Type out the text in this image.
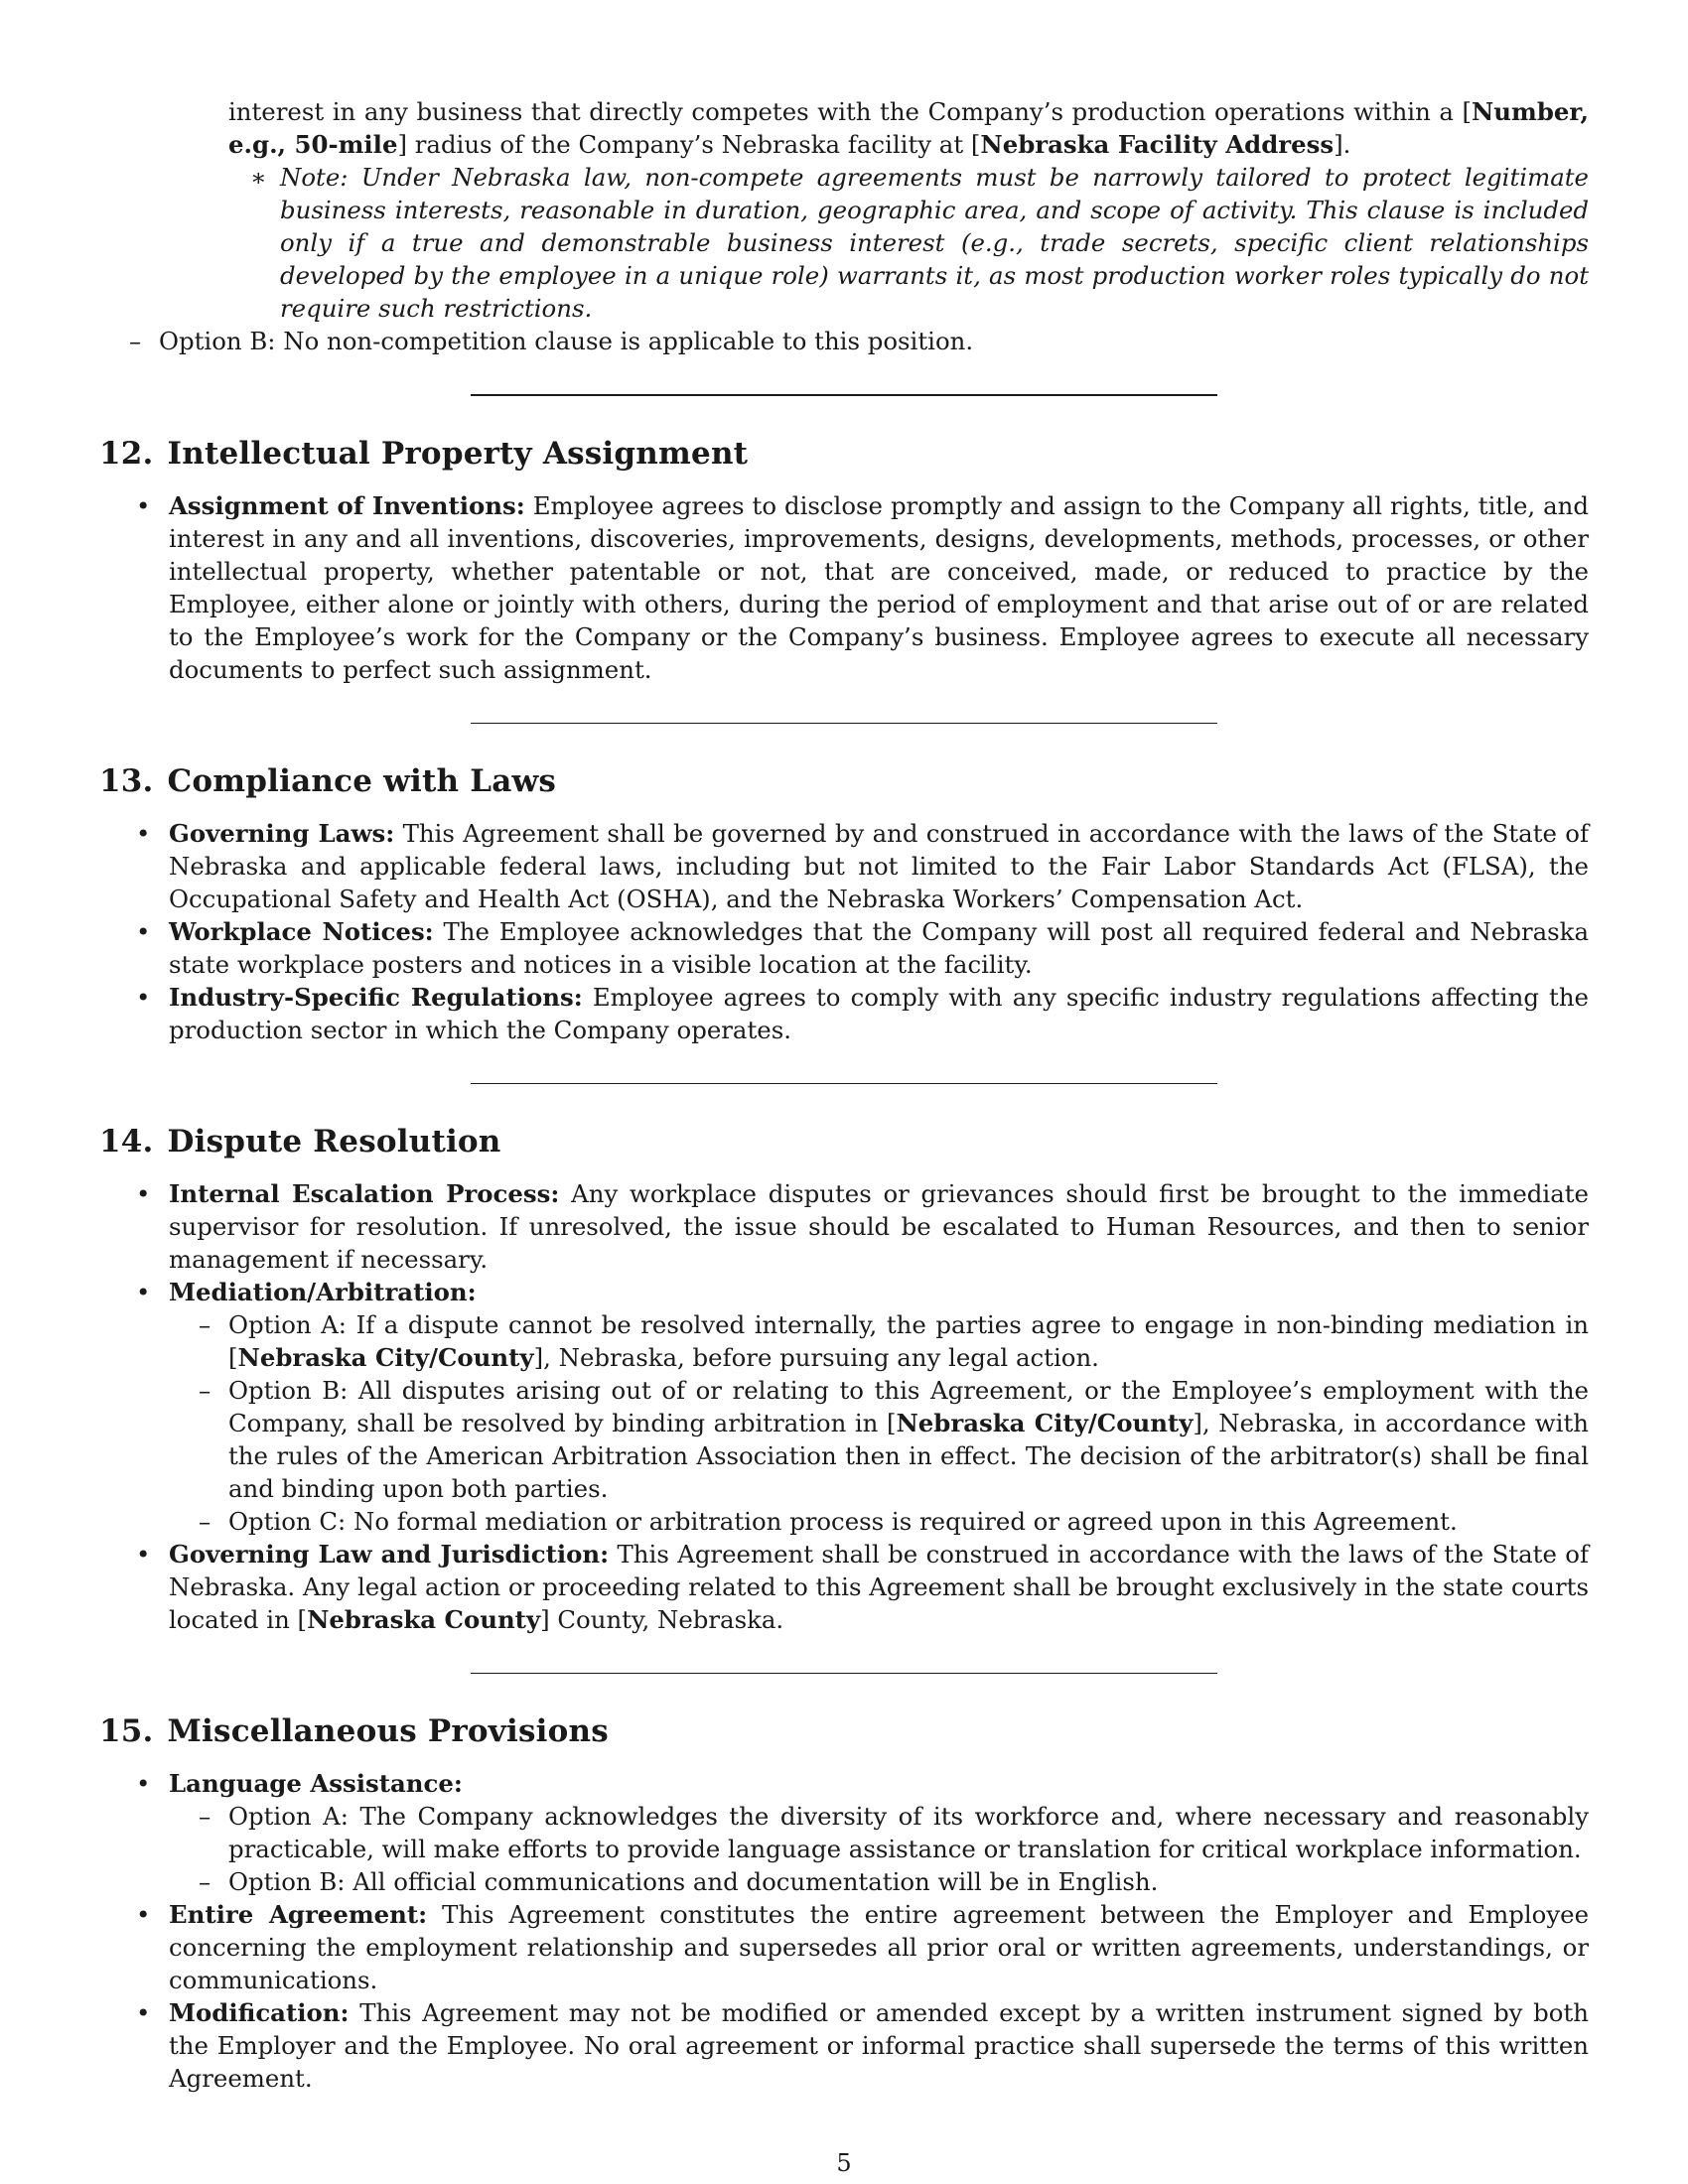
interest in any business that directly competes with the Company’s production operations within a [Number, e.g., 50-mile] radius of the Company’s Nebraska facility at [Nebraska Facility Address].

∗ Note: Under Nebraska law, non-compete agreements must be narrowly tailored to protect legitimate business interests, reasonable in duration, geographic area, and scope of activity. This clause is included only if a true and demonstrable business interest (e.g., trade secrets, specific client relationships developed by the employee in a unique role) warrants it, as most production worker roles typically do not require such restrictions.

– Option B: No non-competition clause is applicable to this position.
12. Intellectual Property Assignment
• Assignment of Inventions: Employee agrees to disclose promptly and assign to the Company all rights, title, and interest in any and all inventions, discoveries, improvements, designs, developments, methods, processes, or other intellectual property, whether patentable or not, that are conceived, made, or reduced to practice by the Employee, either alone or jointly with others, during the period of employment and that arise out of or are related to the Employee’s work for the Company or the Company’s business. Employee agrees to execute all necessary documents to perfect such assignment.
13. Compliance with Laws
• Governing Laws: This Agreement shall be governed by and construed in accordance with the laws of the State of Nebraska and applicable federal laws, including but not limited to the Fair Labor Standards Act (FLSA), the Occupational Safety and Health Act (OSHA), and the Nebraska Workers’ Compensation Act.
• Workplace Notices: The Employee acknowledges that the Company will post all required federal and Nebraska state workplace posters and notices in a visible location at the facility.
• Industry-Specific Regulations: Employee agrees to comply with any specific industry regulations affecting the production sector in which the Company operates.
14. Dispute Resolution
• Internal Escalation Process: Any workplace disputes or grievances should first be brought to the immediate supervisor for resolution. If unresolved, the issue should be escalated to Human Resources, and then to senior management if necessary.
• Mediation/Arbitration:
– Option A: If a dispute cannot be resolved internally, the parties agree to engage in non-binding mediation in [Nebraska City/County], Nebraska, before pursuing any legal action.
– Option B: All disputes arising out of or relating to this Agreement, or the Employee’s employment with the Company, shall be resolved by binding arbitration in [Nebraska City/County], Nebraska, in accordance with the rules of the American Arbitration Association then in effect. The decision of the arbitrator(s) shall be final and binding upon both parties.
– Option C: No formal mediation or arbitration process is required or agreed upon in this Agreement.
• Governing Law and Jurisdiction: This Agreement shall be construed in accordance with the laws of the State of Nebraska. Any legal action or proceeding related to this Agreement shall be brought exclusively in the state courts located in [Nebraska County] County, Nebraska.
15. Miscellaneous Provisions
• Language Assistance:
– Option A: The Company acknowledges the diversity of its workforce and, where necessary and reasonably practicable, will make efforts to provide language assistance or translation for critical workplace information.
– Option B: All official communications and documentation will be in English.
• Entire Agreement: This Agreement constitutes the entire agreement between the Employer and Employee concerning the employment relationship and supersedes all prior oral or written agreements, understandings, or communications.
• Modification: This Agreement may not be modified or amended except by a written instrument signed by both the Employer and the Employee. No oral agreement or informal practice shall supersede the terms of this written Agreement.
5
